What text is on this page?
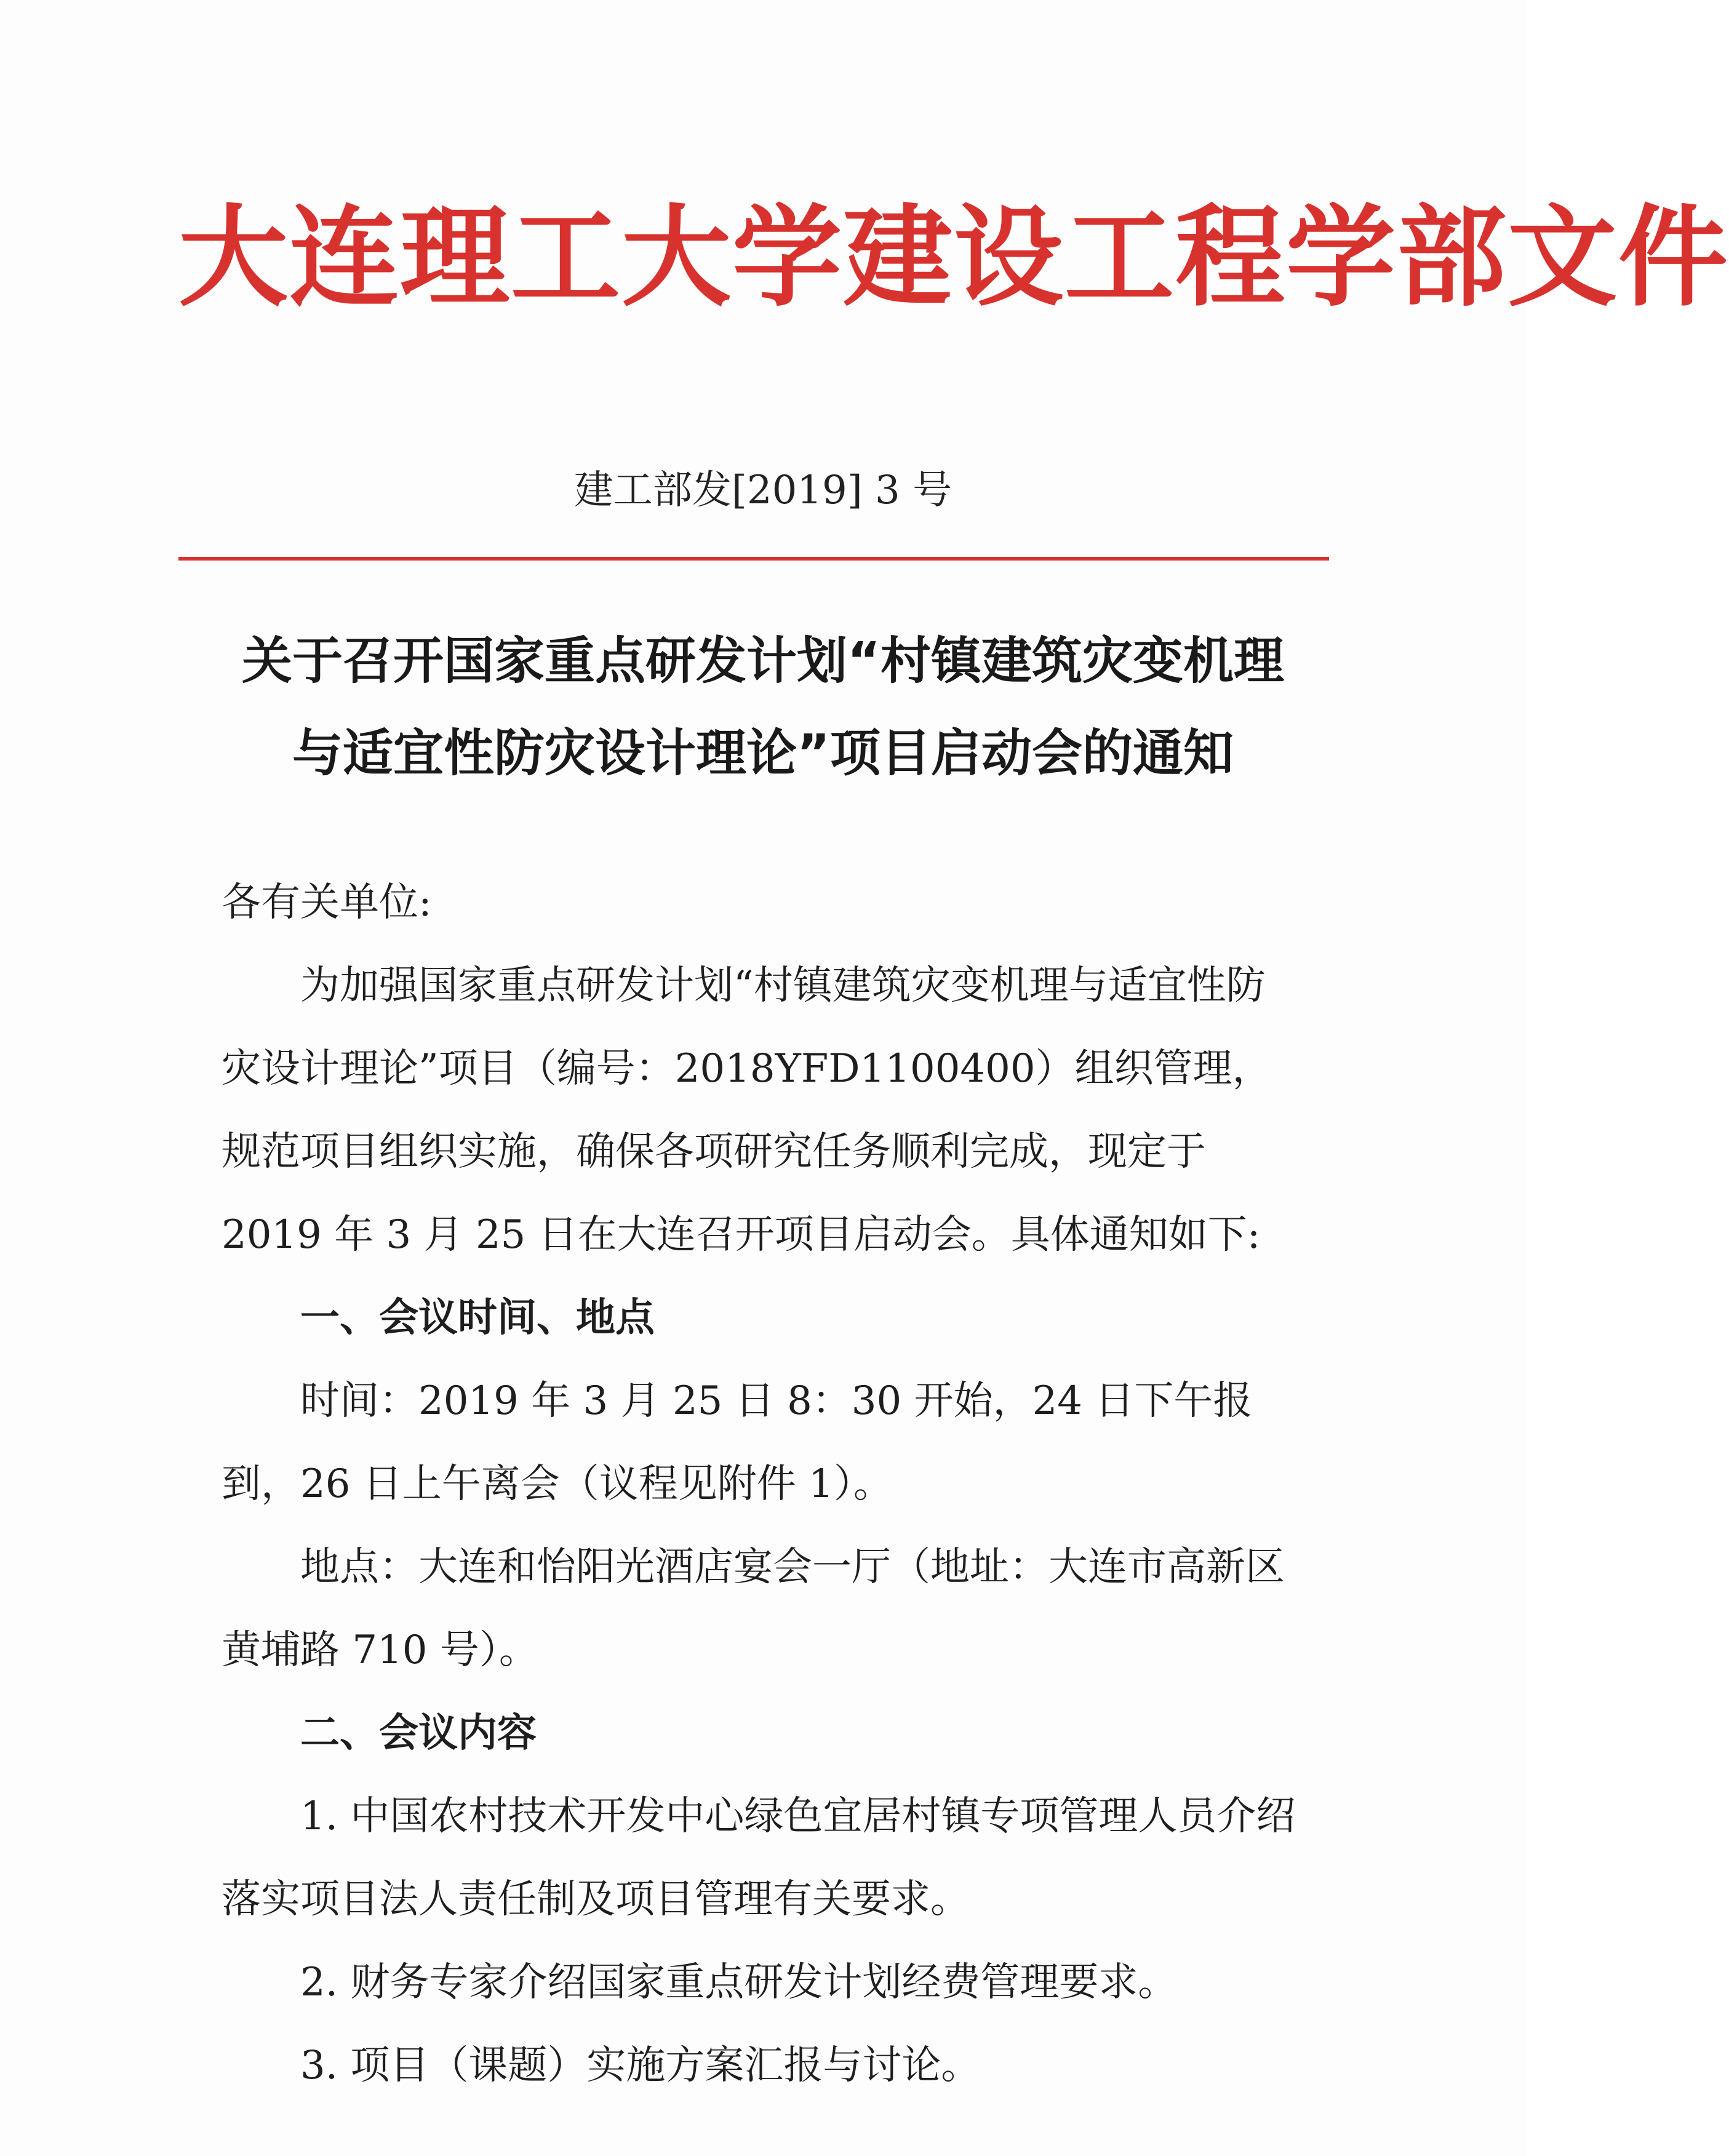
大连理工大学建设工程学部文件
建工部发[2019] 3 号
关于召开国家重点研发计划“村镇建筑灾变机理
与适宜性防灾设计理论”项目启动会的通知

各有关单位:

为加强国家重点研发计划“村镇建筑灾变机理与适宜性防灾设计理论”项目（编号：2018YFD1100400）组织管理，规范项目组织实施，确保各项研究任务顺利完成，现定于 2019 年 3 月 25 日在大连召开项目启动会。具体通知如下:

一、会议时间、地点

时间：2019 年 3 月 25 日 8：30 开始，24 日下午报到，26 日上午离会（议程见附件 1）。

地点：大连和怡阳光酒店宴会一厅（地址：大连市高新区黄埔路 710 号）。

二、会议内容

1. 中国农村技术开发中心绿色宜居村镇专项管理人员介绍落实项目法人责任制及项目管理有关要求。

2. 财务专家介绍国家重点研发计划经费管理要求。

3. 项目（课题）实施方案汇报与讨论。
